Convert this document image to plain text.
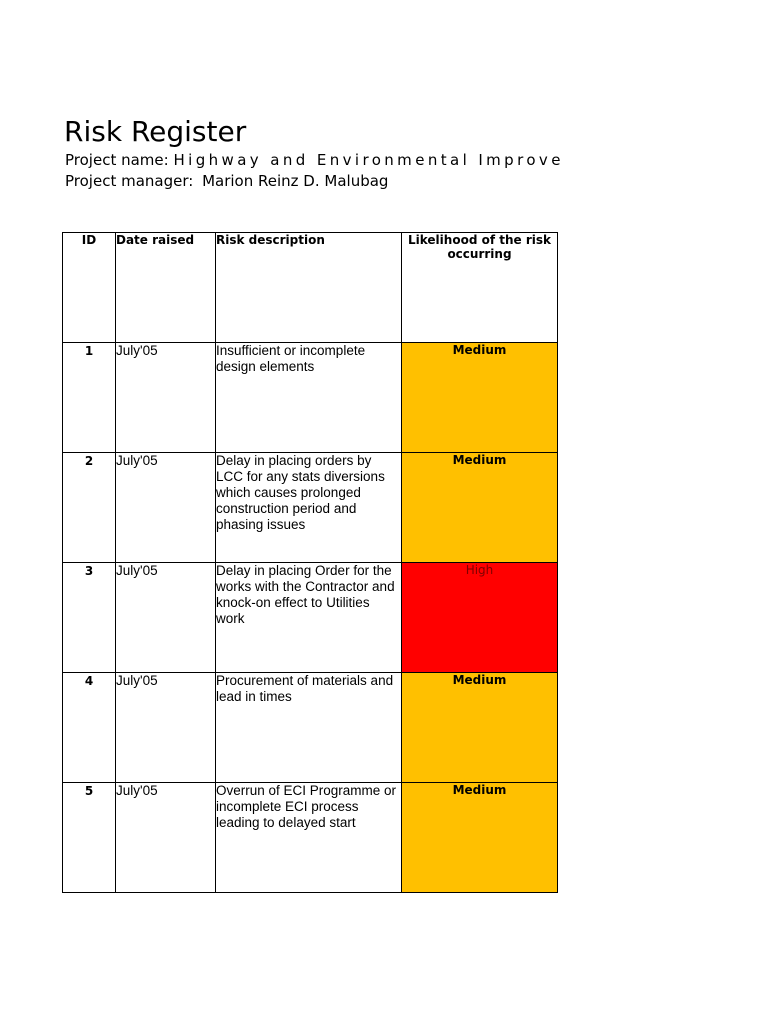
Risk Register
Project name: Highway and Environmental Improve
Project manager: Marion Reinz D. Malubag
ID	Date raised	Risk description	Likelihood of the risk occurring
1	July'05	Insufficient or incomplete design elements	Medium
2	July'05	Delay in placing orders by LCC for any stats diversions which causes prolonged construction period and phasing issues	Medium
3	July'05	Delay in placing Order for the works with the Contractor and knock-on effect to Utilities work	High
4	July'05	Procurement of materials and lead in times	Medium
5	July'05	Overrun of ECI Programme or incomplete ECI process leading to delayed start	Medium
